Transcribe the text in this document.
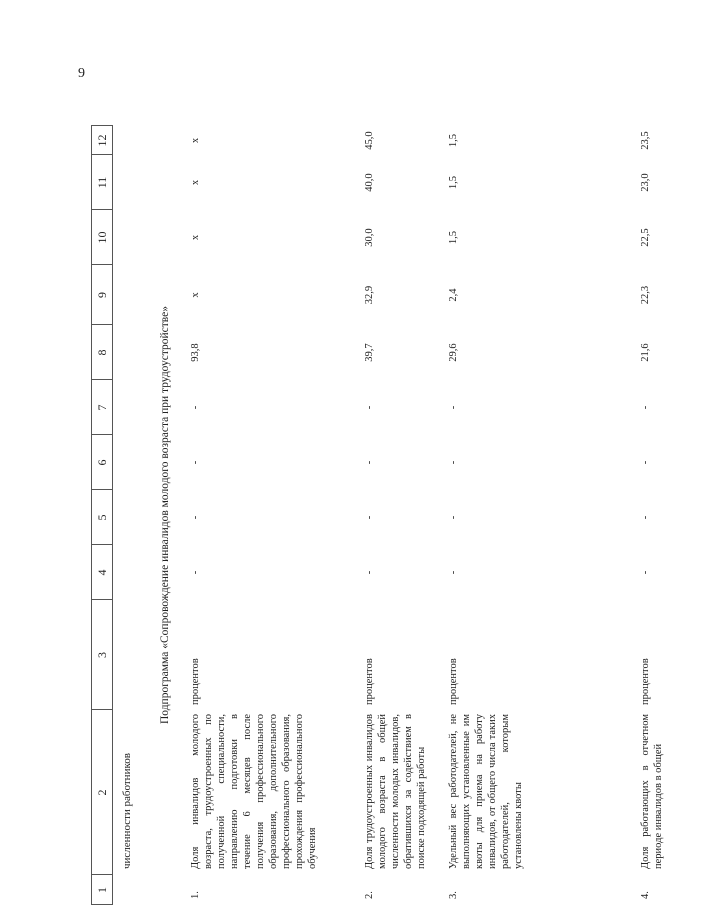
9
1
2
3
4
5
6
7
8
9
10
11
12
численности работников
Подпрограмма «Сопровождение инвалидов молодого возраста при трудоустройстве»
1.
Доля инвалидов молодого возраста, трудоустроенных по полученной специальности, направлению подготовки в течение 6 месяцев после получения профессионального образования, дополнительного профессионального образования, прохождения профессионального обучения
процентов
-
-
-
-
93,8
x
x
x
x
2.
Доля трудоустроенных инвалидов молодого возраста в общей численности молодых инвалидов, обратившихся за содействием в поиске подходящей работы
процентов
-
-
-
-
39,7
32,9
30,0
40,0
45,0
3.
Удельный вес работодателей, не выполняющих установленные им квоты для приема на работу инвалидов, от общего числа таких работодателей, которым установлены квоты
процентов
-
-
-
-
29,6
2,4
1,5
1,5
1,5
4.
Доля работающих в отчетном периоде инвалидов в общей
процентов
-
-
-
-
21,6
22,3
22,5
23,0
23,5
